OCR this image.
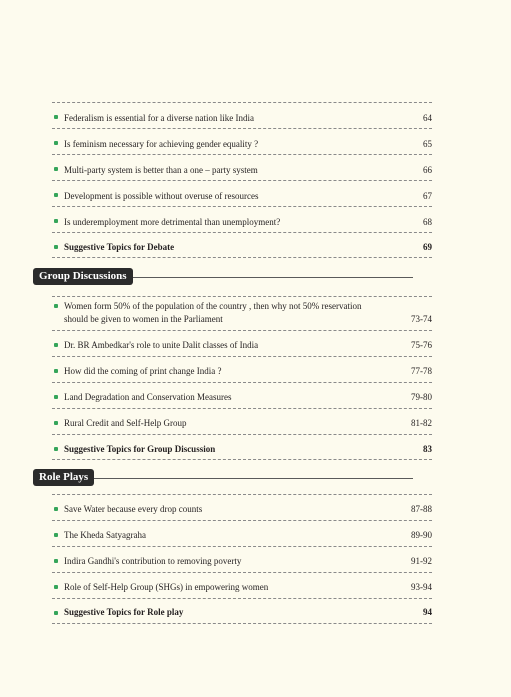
Federalism is essential for a diverse nation like India	64
Is feminism necessary for achieving gender equality ?	65
Multi-party system is better than a one – party system	66
Development is possible without overuse of resources	67
Is underemployment more detrimental than unemployment?	68
Suggestive Topics for Debate	69
Group Discussions
Women form 50% of the population of the country , then why not 50% reservation
should be given to women in the Parliament	73-74
Dr. BR Ambedkar's role to unite Dalit classes of India	75-76
How did the coming of print change India ?	77-78
Land Degradation and Conservation Measures	79-80
Rural Credit and Self-Help Group	81-82
Suggestive Topics for Group Discussion	83
Role Plays
Save Water because every drop counts	87-88
The Kheda Satyagraha	89-90
Indira Gandhi's contribution to removing poverty	91-92
Role of Self-Help Group (SHGs) in empowering women	93-94
Suggestive Topics for Role play	94
